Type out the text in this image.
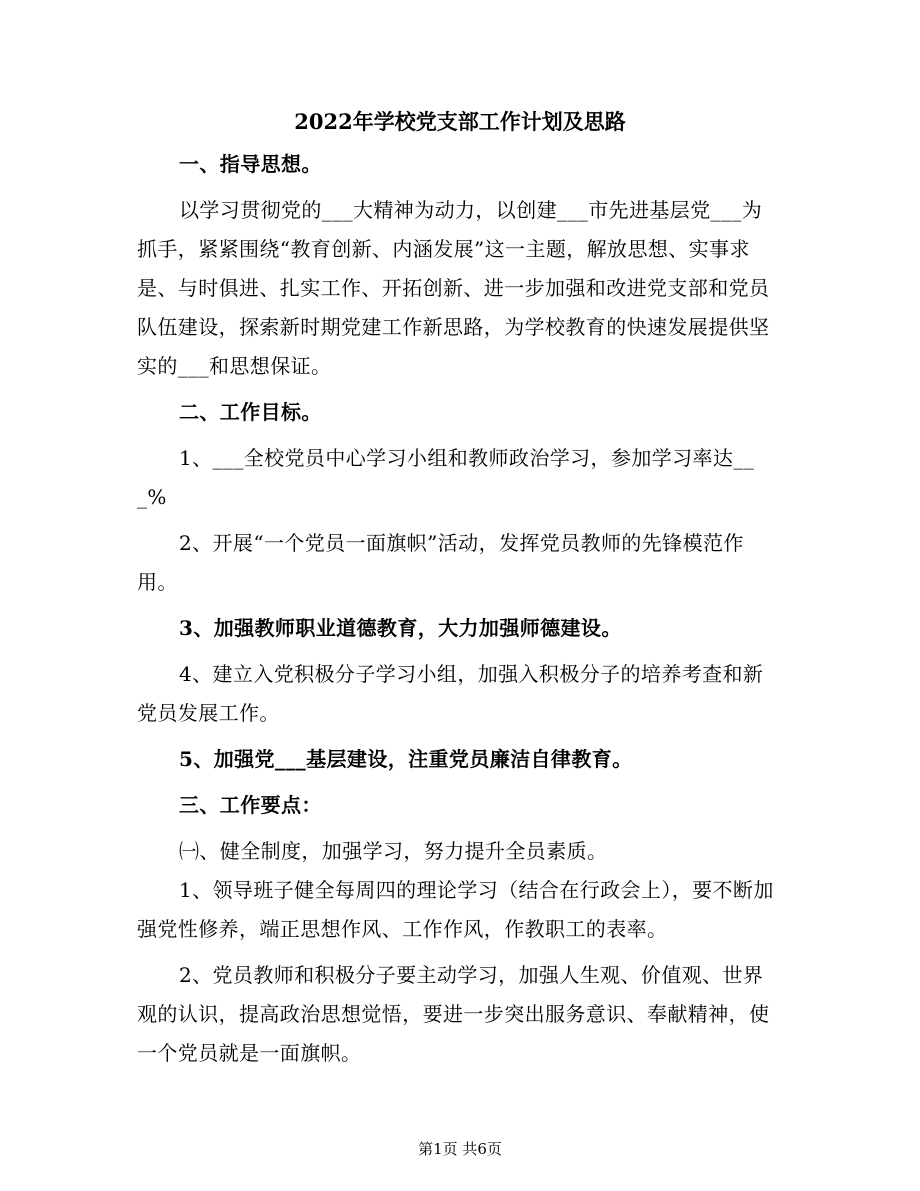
2022年学校党支部工作计划及思路
一、指导思想。
以学习贯彻党的___大精神为动力，以创建___市先进基层党___为抓手，紧紧围绕“教育创新、内涵发展”这一主题，解放思想、实事求是、与时俱进、扎实工作、开拓创新、进一步加强和改进党支部和党员队伍建设，探索新时期党建工作新思路，为学校教育的快速发展提供坚实的___和思想保证。
二、工作目标。
1、___全校党员中心学习小组和教师政治学习，参加学习率达___%
2、开展“一个党员一面旗帜”活动，发挥党员教师的先锋模范作用。
3、加强教师职业道德教育，大力加强师德建设。
4、建立入党积极分子学习小组，加强入积极分子的培养考查和新党员发展工作。
5、加强党___基层建设，注重党员廉洁自律教育。
三、工作要点：
㈠、健全制度，加强学习，努力提升全员素质。
1、领导班子健全每周四的理论学习（结合在行政会上），要不断加强党性修养，端正思想作风、工作作风，作教职工的表率。
2、党员教师和积极分子要主动学习，加强人生观、价值观、世界观的认识，提高政治思想觉悟，要进一步突出服务意识、奉献精神，使一个党员就是一面旗帜。
第1页 共6页
